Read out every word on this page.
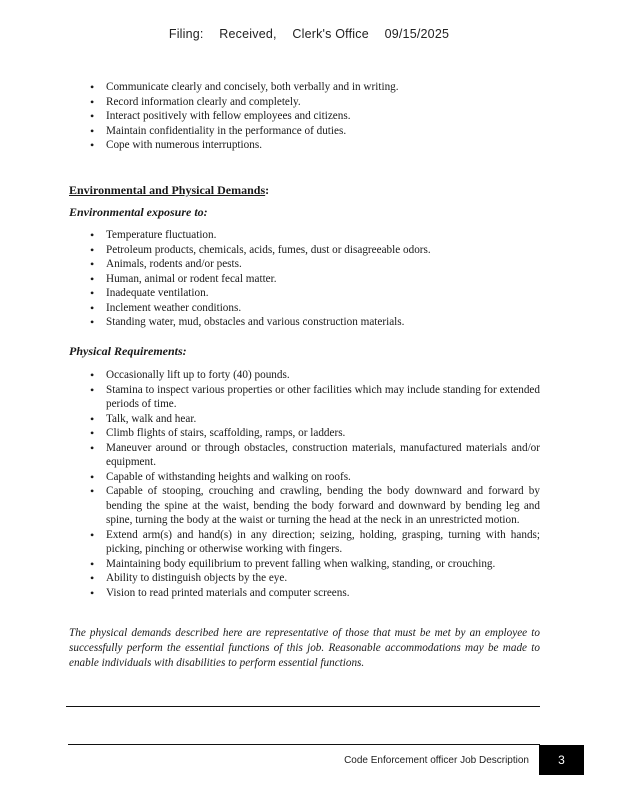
Filing: Received, Clerk's Office 09/15/2025
• Communicate clearly and concisely, both verbally and in writing.
• Record information clearly and completely.
• Interact positively with fellow employees and citizens.
• Maintain confidentiality in the performance of duties.
• Cope with numerous interruptions.
Environmental and Physical Demands:
Environmental exposure to:
• Temperature fluctuation.
• Petroleum products, chemicals, acids, fumes, dust or disagreeable odors.
• Animals, rodents and/or pests.
• Human, animal or rodent fecal matter.
• Inadequate ventilation.
• Inclement weather conditions.
• Standing water, mud, obstacles and various construction materials.
Physical Requirements:
• Occasionally lift up to forty (40) pounds.
• Stamina to inspect various properties or other facilities which may include standing for extended periods of time.
• Talk, walk and hear.
• Climb flights of stairs, scaffolding, ramps, or ladders.
• Maneuver around or through obstacles, construction materials, manufactured materials and/or equipment.
• Capable of withstanding heights and walking on roofs.
• Capable of stooping, crouching and crawling, bending the body downward and forward by bending the spine at the waist, bending the body forward and downward by bending leg and spine, turning the body at the waist or turning the head at the neck in an unrestricted motion.
• Extend arm(s) and hand(s) in any direction; seizing, holding, grasping, turning with hands; picking, pinching or otherwise working with fingers.
• Maintaining body equilibrium to prevent falling when walking, standing, or crouching.
• Ability to distinguish objects by the eye.
• Vision to read printed materials and computer screens.
The physical demands described here are representative of those that must be met by an employee to successfully perform the essential functions of this job. Reasonable accommodations may be made to enable individuals with disabilities to perform essential functions.
Code Enforcement officer Job Description	3
